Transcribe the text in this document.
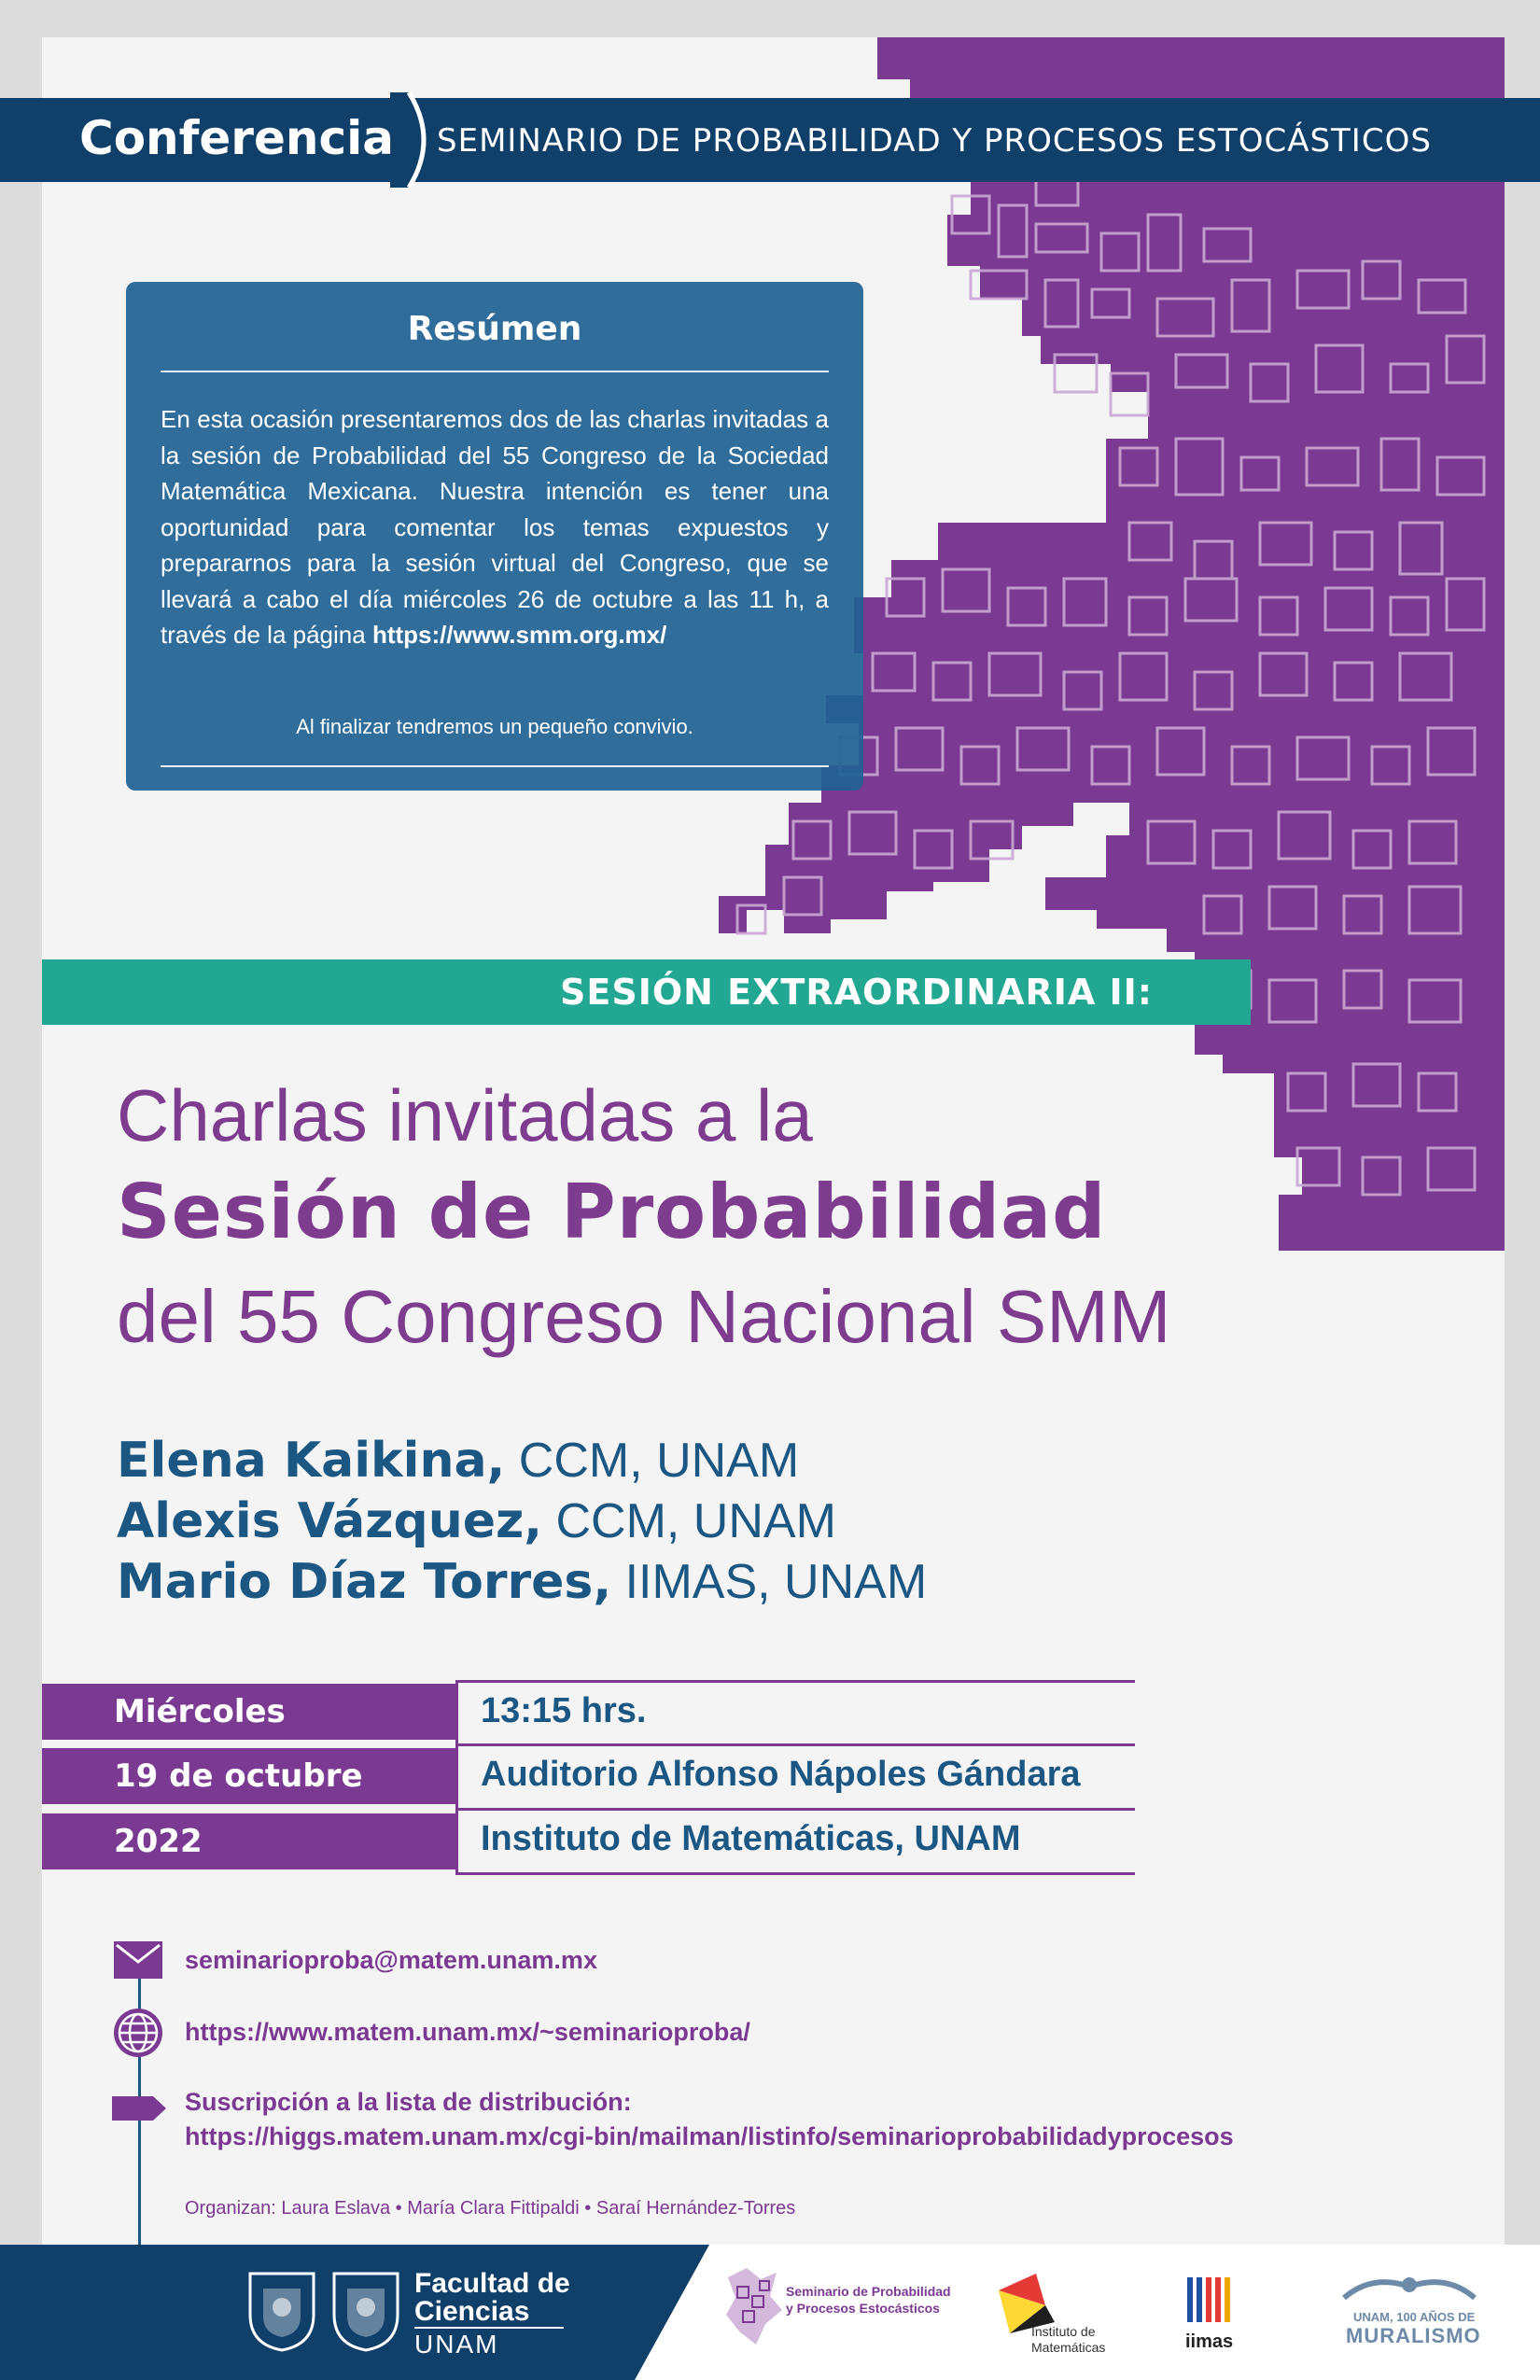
Conferencia SEMINARIO DE PROBABILIDAD Y PROCESOS ESTOCÁSTICOS
Resúmen
En esta ocasión presentaremos dos de las charlas invitadas a la sesión de Probabilidad del 55 Congreso de la Sociedad Matemática Mexicana. Nuestra intención es tener una oportunidad para comentar los temas expuestos y prepararnos para la sesión virtual del Congreso, que se llevará a cabo el día miércoles 26 de octubre a las 11 h, a través de la página https://www.smm.org.mx/
Al finalizar tendremos un pequeño convivio.
SESIÓN EXTRAORDINARIA II:
Charlas invitadas a la
Sesión de Probabilidad
del 55 Congreso Nacional SMM
Elena Kaikina, CCM, UNAM
Alexis Vázquez, CCM, UNAM
Mario Díaz Torres, IIMAS, UNAM
Miércoles
19 de octubre
2022
13:15 hrs.
Auditorio Alfonso Nápoles Gándara
Instituto de Matemáticas, UNAM
seminarioproba@matem.unam.mx
https://www.matem.unam.mx/~seminarioproba/
Suscripción a la lista de distribución:
https://higgs.matem.unam.mx/cgi-bin/mailman/listinfo/seminarioprobabilidadyprocesos
Organizan: Laura Eslava • María Clara Fittipaldi • Saraí Hernández-Torres
Facultad de
Ciencias
UNAM
Seminario de Probabilidad
y Procesos Estocásticos
Instituto de
Matemáticas	iimas
UNAM, 100 AÑOS DE
MURALISMO
